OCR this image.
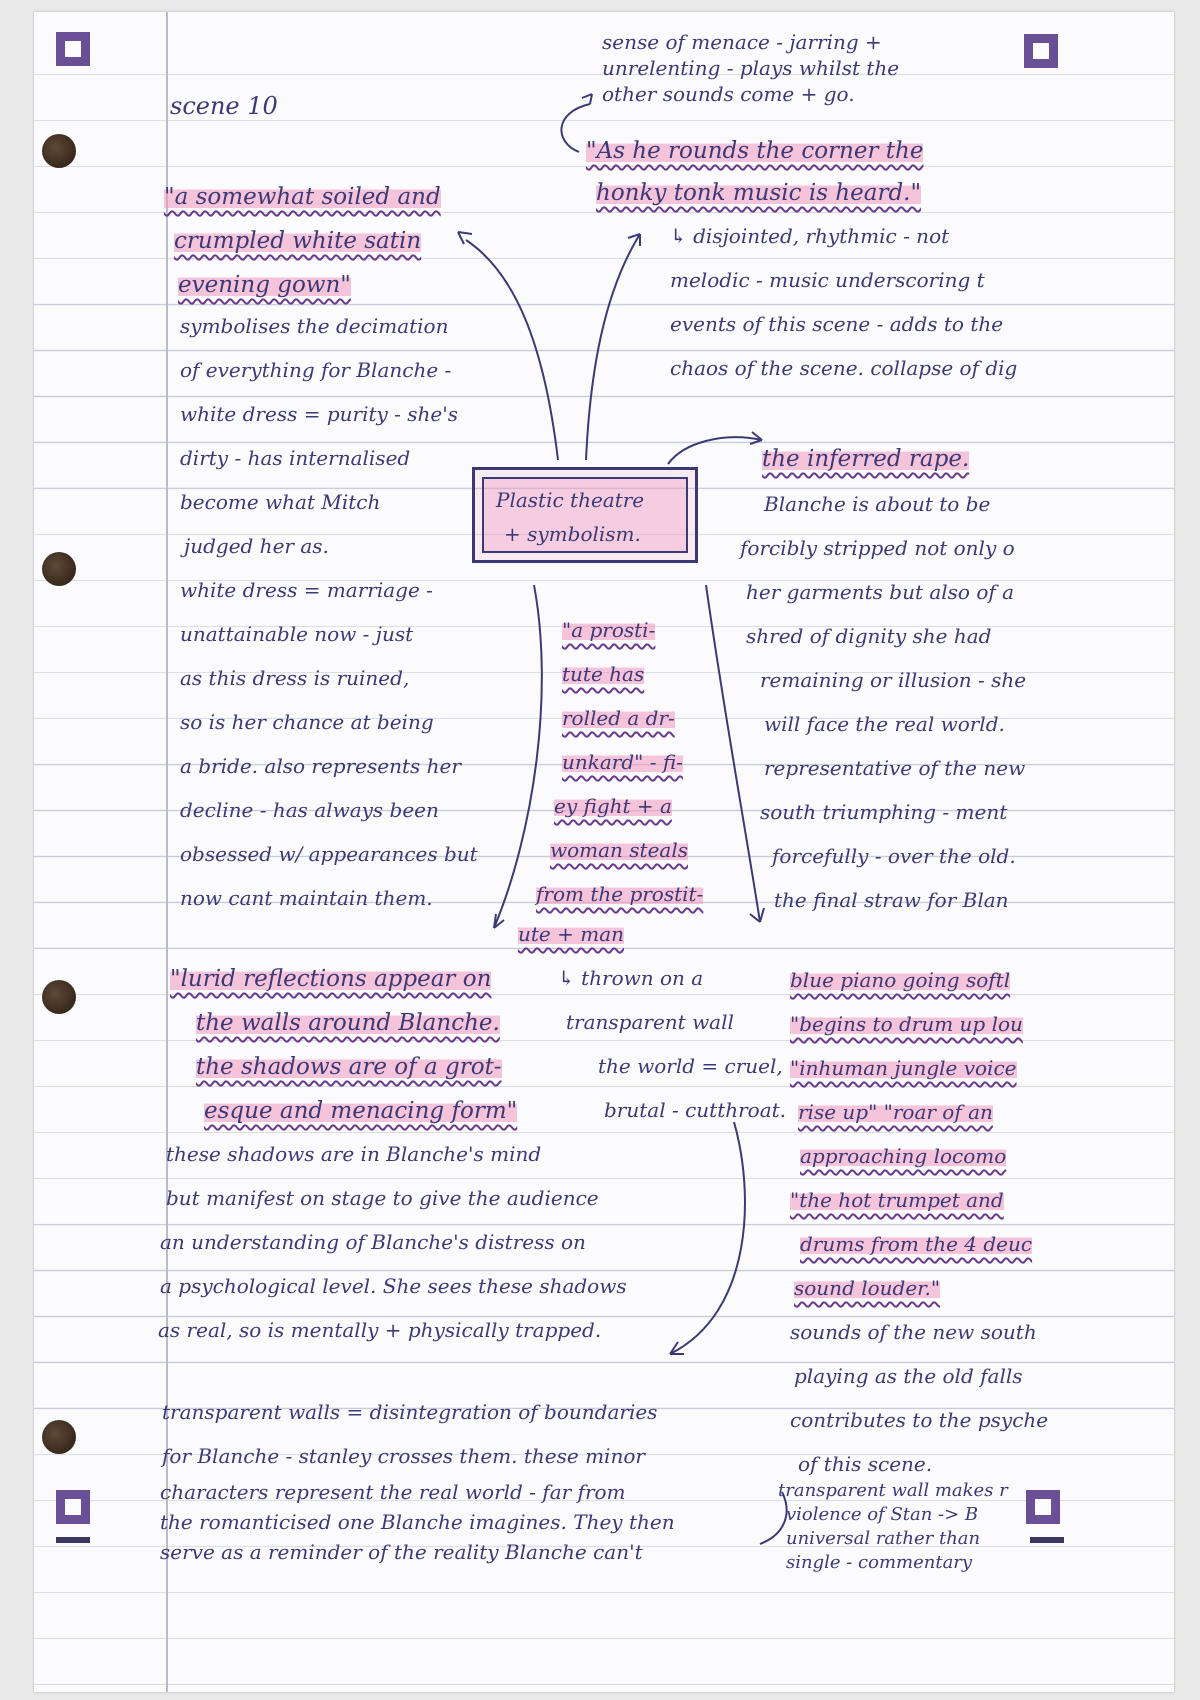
scene 10

sense of menace - jarring +

unrelenting - plays whilst the

other sounds come + go.

"As he rounds the corner the

honky tonk music is heard."

↳ disjointed, rhythmic - not

melodic - music underscoring t

events of this scene - adds to the

chaos of the scene. collapse of dig

"a somewhat soiled and

crumpled white satin

evening gown"

symbolises the decimation

of everything for Blanche -

white dress = purity - she's

dirty - has internalised

become what Mitch

judged her as.

white dress = marriage -

unattainable now - just

as this dress is ruined,

so is her chance at being

a bride. also represents her

decline - has always been

obsessed w/ appearances but

now cant maintain them.

Plastic theatre

+ symbolism.

"a prosti-

tute has

rolled a dr-

unkard" - fi-

ey fight + a

woman steals

from the prostit-

ute + man

the inferred rape.

Blanche is about to be

forcibly stripped not only o

her garments but also of a

shred of dignity she had

remaining or illusion - she

will face the real world.

representative of the new

south triumphing - ment

forcefully - over the old.

the final straw for Blan

"lurid reflections appear on

the walls around Blanche.

the shadows are of a grot-

esque and menacing form"

↳ thrown on a

transparent wall

the world = cruel,

brutal - cutthroat.

blue piano going softl

"begins to drum up lou

"inhuman jungle voice

rise up" "roar of an

approaching locomo

"the hot trumpet and

drums from the 4 deuc

sound louder."

sounds of the new south

playing as the old falls

contributes to the psyche

of this scene.

these shadows are in Blanche's mind

but manifest on stage to give the audience

an understanding of Blanche's distress on

a psychological level. She sees these shadows

as real, so is mentally + physically trapped.

transparent walls = disintegration of boundaries

for Blanche - stanley crosses them. these minor

characters represent the real world - far from

the romanticised one Blanche imagines. They then

serve as a reminder of the reality Blanche can't

transparent wall makes r

violence of Stan -> B

universal rather than

single - commentary
